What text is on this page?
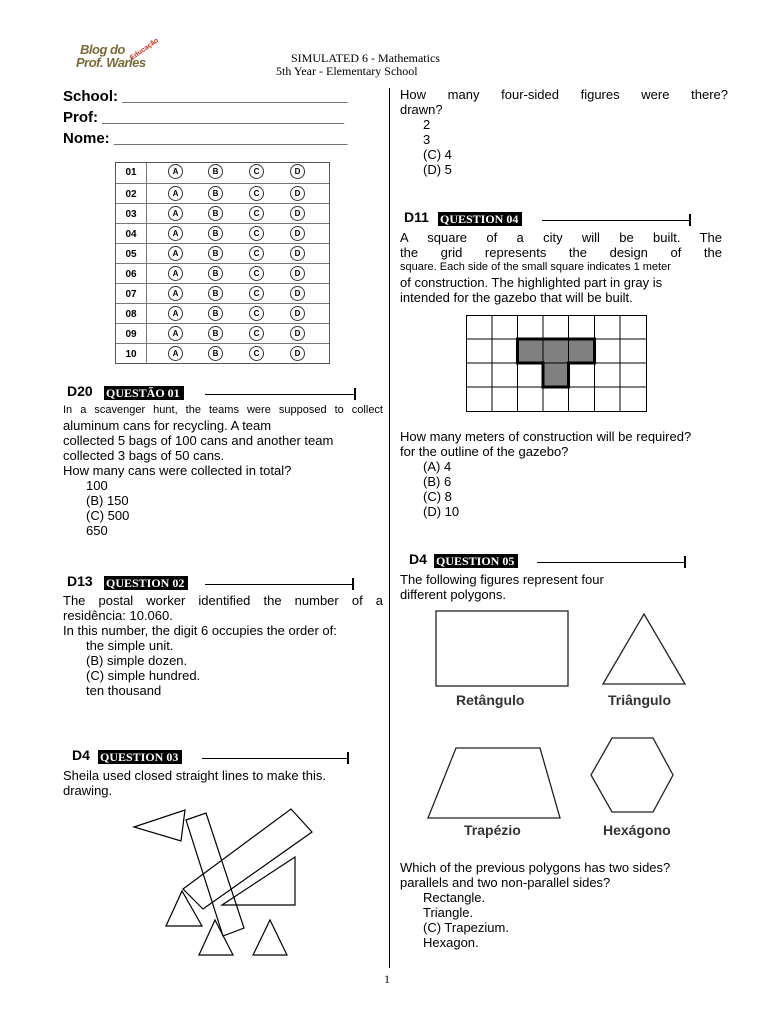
Blog do
Prof. Warles
Educação	SIMULATED 6 - Mathematics
5th Year - Elementary School
School: ___________________________
Prof: _____________________________
Nome: ____________________________
01	A	B	C	D
02	A	B	C	D
03	A	B	C	D
04	A	B	C	D
05	A	B	C	D
06	A	B	C	D
07	A	B	C	D
08	A	B	C	D
09	A	B	C	D
10	A	B	C	D
D20 QUESTÃO 01
In a scavenger hunt, the teams were supposed to collect
aluminum cans for recycling. A team
collected 5 bags of 100 cans and another team
collected 3 bags of 50 cans.
How many cans were collected in total?
100
(B) 150
(C) 500
650
D13 QUESTION 02
The postal worker identified the number of a
residência: 10.060.
In this number, the digit 6 occupies the order of:
the simple unit.
(B) simple dozen.
(C) simple hundred.
ten thousand
D4 QUESTION 03
Sheila used closed straight lines to make this.
drawing.
How many four-sided figures were there?
drawn?
2
3
(C) 4
(D) 5
D11 QUESTION 04
A square of a city will be built. The
the grid represents the design of the
square. Each side of the small square indicates 1 meter
of construction. The highlighted part in gray is
intended for the gazebo that will be built.
How many meters of construction will be required?
for the outline of the gazebo?
(A) 4
(B) 6
(C) 8
(D) 10
D4 QUESTION 05
The following figures represent four
different polygons.
Retângulo	Triângulo
Trapézio	Hexágono
Which of the previous polygons has two sides?
parallels and two non-parallel sides?
Rectangle.
Triangle.
(C) Trapezium.
Hexagon.
1
